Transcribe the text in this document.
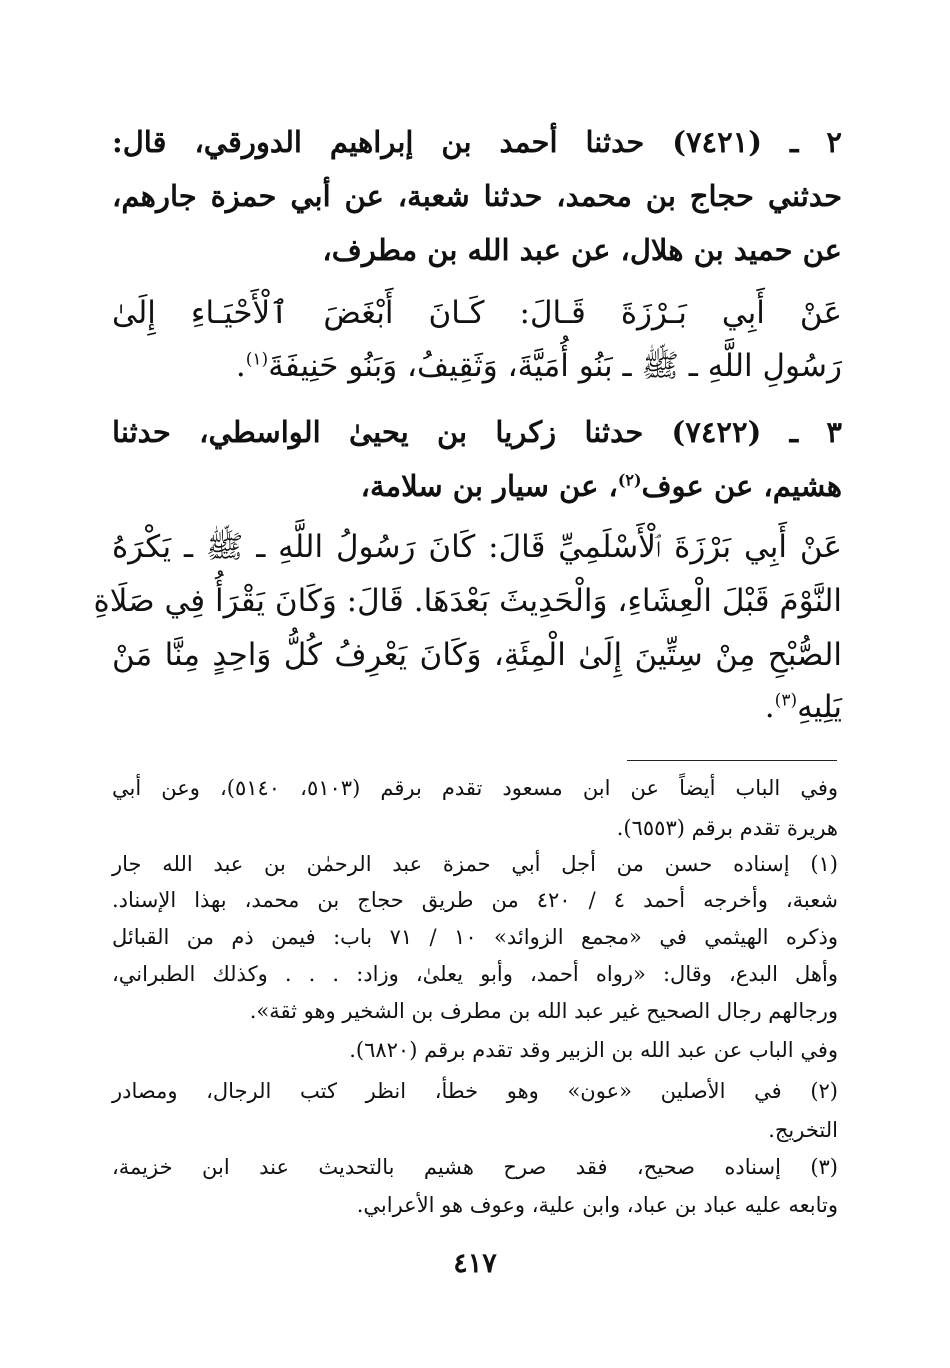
٢ ـ (٧٤٢١) حدثنا أحمد بن إبراهيم الدورقي، قال:
حدثني حجاج بن محمد، حدثنا شعبة، عن أبي حمزة جارهم،
عن حميد بن هلال، عن عبد الله بن مطرف،
عَنْ أَبِي بَـرْزَةَ قَـالَ: كَـانَ أَبْغَضَ ٱلْأَحْيَـاءِ إِلَىٰ
رَسُولِ اللَّهِ ـ ﷺ ـ بَنُو أُمَيَّةَ، وَثَقِيفُ، وَبَنُو حَنِيفَةَ$^{(١)}$.
٣ ـ (٧٤٢٢) حدثنا زكريا بن يحيىٰ الواسطي، حدثنا
هشيم، عن عوف$^{(٢)}$، عن سيار بن سلامة،
عَنْ أَبِي بَرْزَةَ ٱلْأَسْلَمِيِّ قَالَ: كَانَ رَسُولُ اللَّهِ ـ ﷺ ـ يَكْرَهُ
النَّوْمَ قَبْلَ الْعِشَاءِ، وَالْحَدِيثَ بَعْدَهَا. قَالَ: وَكَانَ يَقْرَأُ فِي صَلَاةِ
الصُّبْحِ مِنْ سِتِّينَ إِلَىٰ الْمِئَةِ، وَكَانَ يَعْرِفُ كُلُّ وَاحِدٍ مِنَّا مَنْ
يَلِيهِ$^{(٣)}$.
وفي الباب أيضاً عن ابن مسعود تقدم برقم (٥١٠٣، ٥١٤٠)، وعن أبي
هريرة تقدم برقم (٦٥٥٣).
(١) إسناده حسن من أجل أبي حمزة عبد الرحمٰن بن عبد الله جار
شعبة، وأخرجه أحمد ٤ / ٤٢٠ من طريق حجاج بن محمد، بهذا الإسناد.
وذكره الهيثمي في «مجمع الزوائد» ١٠ / ٧١ باب: فيمن ذم من القبائل
وأهل البدع، وقال: «رواه أحمد، وأبو يعلىٰ، وزاد: . . . وكذلك الطبراني،
ورجالهم رجال الصحيح غير عبد الله بن مطرف بن الشخير وهو ثقة».
وفي الباب عن عبد الله بن الزبير وقد تقدم برقم (٦٨٢٠).
(٢) في الأصلين «عون» وهو خطأ، انظر كتب الرجال، ومصادر
التخريج.
(٣) إسناده صحيح، فقد صرح هشيم بالتحديث عند ابن خزيمة،
وتابعه عليه عباد بن عباد، وابن علية، وعوف هو الأعرابي.
٤١٧
